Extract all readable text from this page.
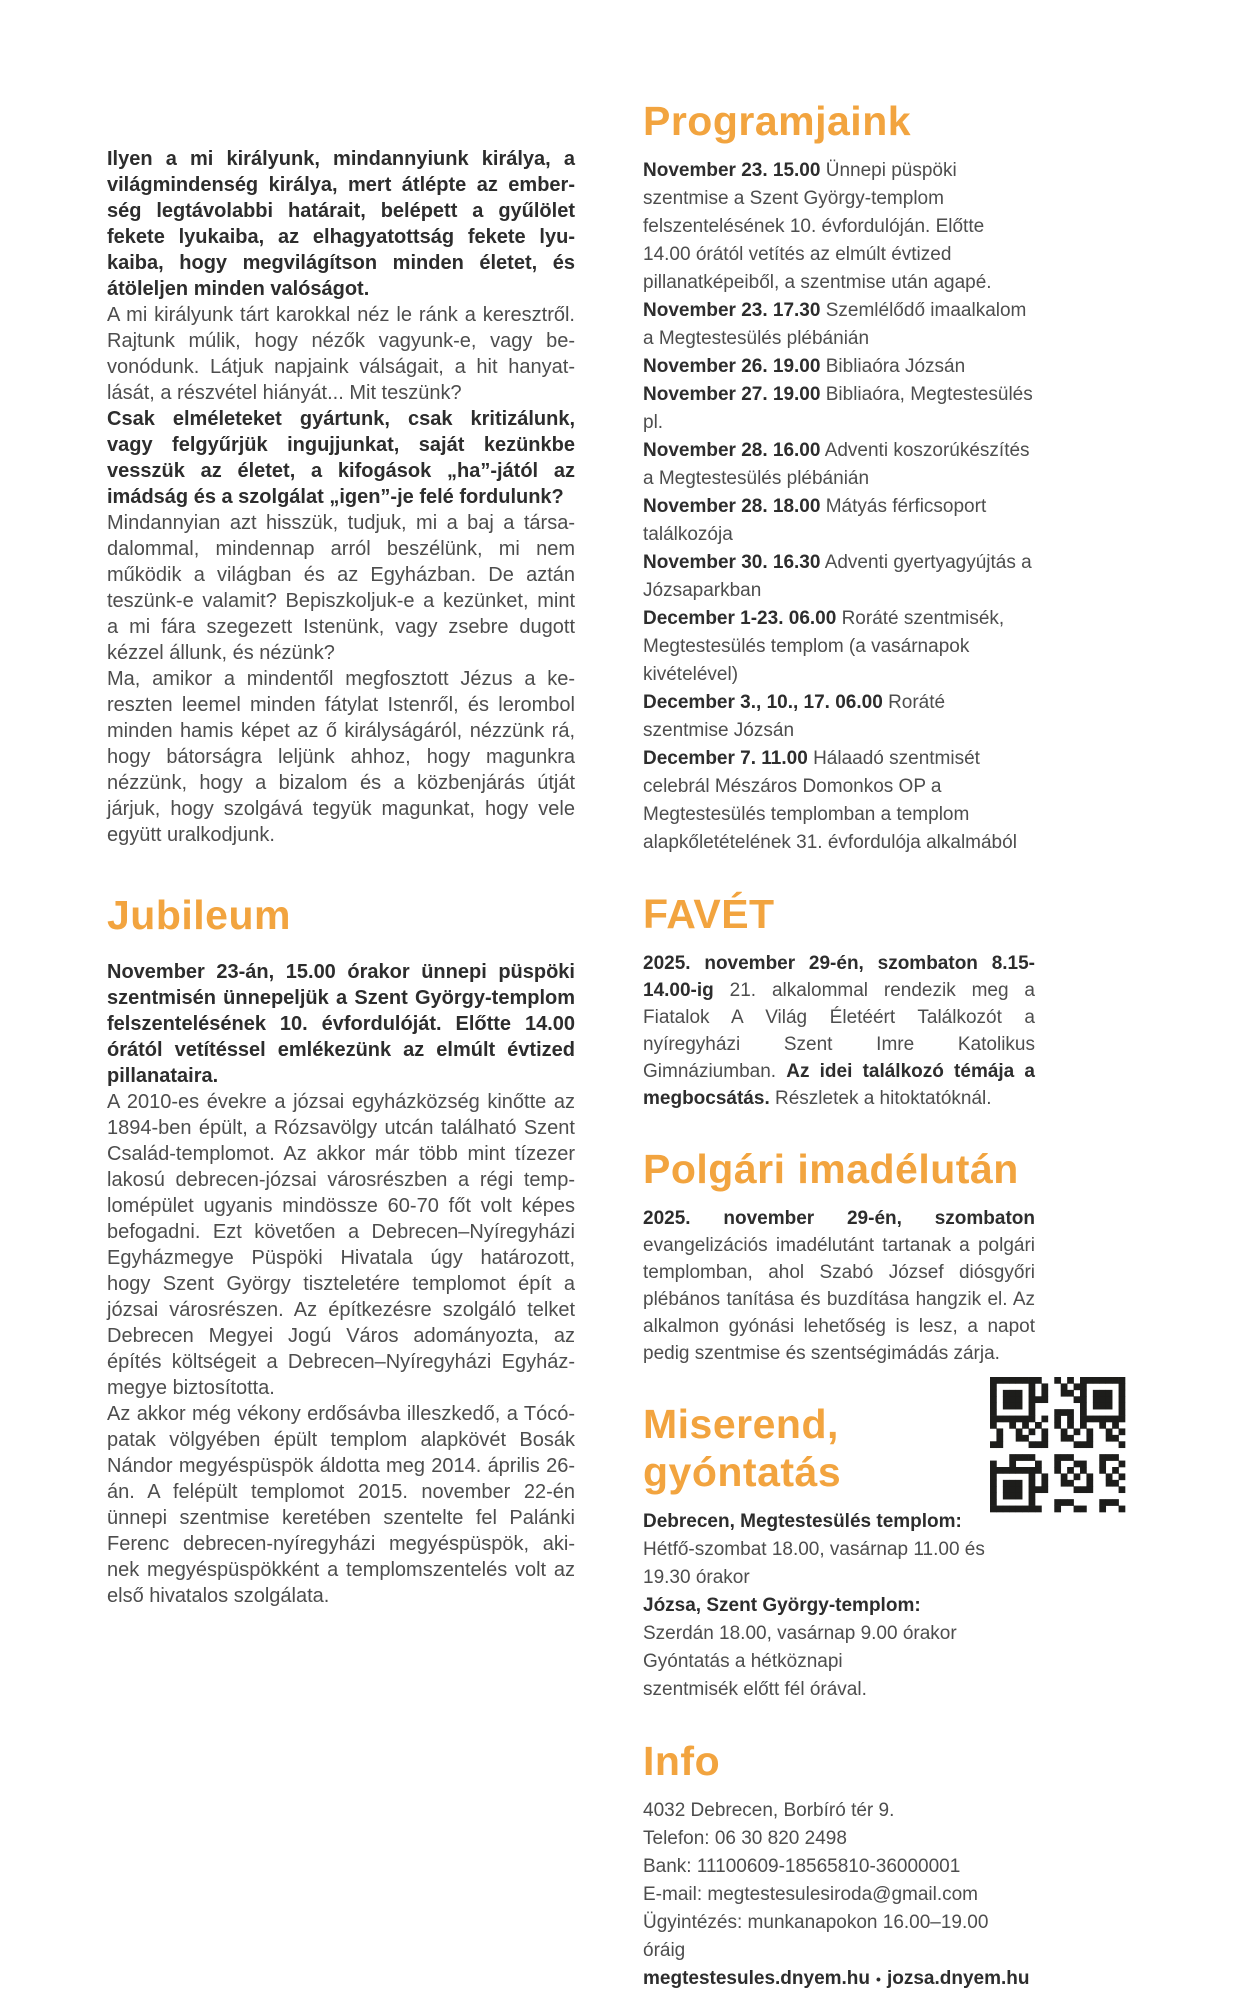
Ilyen a mi királyunk, mindannyiunk királya, a világmindenség királya, mert átlépte az emberség legtávolabbi határait, belépett a gyűlölet fekete lyukaiba, az elhagyatottság fekete lyukaiba, hogy megvilágítson minden életet, és átöleljen minden valóságot.

A mi királyunk tárt karokkal néz le ránk a keresztről. Rajtunk múlik, hogy nézők vagyunk-e, vagy bevonódunk. Látjuk napjaink válságait, a hit hanyatlását, a részvétel hiányát... Mit teszünk?

Csak elméleteket gyártunk, csak kritizálunk, vagy felgyűrjük ingujjunkat, saját kezünkbe vesszük az életet, a kifogások „ha”-jától az imádság és a szolgálat „igen”-je felé fordulunk?

Mindannyian azt hisszük, tudjuk, mi a baj a társadalommal, mindennap arról beszélünk, mi nem működik a világban és az Egyházban. De aztán teszünk-e valamit? Bepiszkoljuk-e a kezünket, mint a mi fára szegezett Istenünk, vagy zsebre dugott kézzel állunk, és nézünk?

Ma, amikor a mindentől megfosztott Jézus a kereszten leemel minden fátylat Istenről, és lerombol minden hamis képet az ő királyságáról, nézzünk rá, hogy bátorságra leljünk ahhoz, hogy magunkra nézzünk, hogy a bizalom és a közbenjárás útját járjuk, hogy szolgává tegyük magunkat, hogy vele együtt uralkodjunk.

Jubileum

November 23-án, 15.00 órakor ünnepi püspöki szentmisén ünnepeljük a Szent György-templom felszentelésének 10. évfordulóját. Előtte 14.00 órától vetítéssel emlékezünk az elmúlt évtized pillanataira.

A 2010-es évekre a józsai egyházközség kinőtte az 1894-ben épült, a Rózsavölgy utcán található Szent Család-templomot. Az akkor már több mint tízezer lakosú debrecen-józsai városrészben a régi templomépület ugyanis mindössze 60-70 főt volt képes befogadni. Ezt követően a Debrecen–Nyíregyházi Egyházmegye Püspöki Hivatala úgy határozott, hogy Szent György tiszteletére templomot épít a józsai városrészen. Az építkezésre szolgáló telket Debrecen Megyei Jogú Város adományozta, az építés költségeit a Debrecen–Nyíregyházi Egyházmegye biztosította.

Az akkor még vékony erdősávba illeszkedő, a Tócópatak völgyében épült templom alapkövét Bosák Nándor megyéspüspök áldotta meg 2014. április 26-án. A felépült templomot 2015. november 22-én ünnepi szentmise keretében szentelte fel Palánki Ferenc debrecen-nyíregyházi megyéspüspök, akinek megyéspüspökként a templomszentelés volt az első hivatalos szolgálata.

Programjaink

November 23. 15.00 Ünnepi püspöki szentmise a Szent György-templom felszentelésének 10. évfordulóján. Előtte 14.00 órától vetítés az elmúlt évtized pillanatképeiből, a szentmise után agapé.

November 23. 17.30 Szemlélődő imaalkalom a Megtestesülés plébánián

November 26. 19.00 Bibliaóra Józsán

November 27. 19.00 Bibliaóra, Megtestesülés pl.

November 28. 16.00 Adventi koszorúkészítés a Megtestesülés plébánián

November 28. 18.00 Mátyás férficsoport találkozója

November 30. 16.30 Adventi gyertyagyújtás a Józsaparkban

December 1-23. 06.00 Roráté szentmisék, Megtestesülés templom (a vasárnapok kivételével)

December 3., 10., 17. 06.00 Roráté szentmise Józsán

December 7. 11.00 Hálaadó szentmisét celebrál Mészáros Domonkos OP a Megtestesülés templomban a templom alapkőletételének 31. évfordulója alkalmából

FAVÉT

2025. november 29-én, szombaton 8.15-14.00-ig 21. alkalommal rendezik meg a Fiatalok A Világ Életéért Találkozót a nyíregyházi Szent Imre Katolikus Gimnáziumban. Az idei találkozó témája a megbocsátás. Részletek a hitoktatóknál.

Polgári imadélután

2025. november 29-én, szombaton evangelizációs imadélutánt tartanak a polgári templomban, ahol Szabó József diósgyőri plébános tanítása és buzdítása hangzik el. Az alkalmon gyónási lehetőség is lesz, a napot pedig szentmise és szentségimádás zárja.

Miserend, gyóntatás

Debrecen, Megtestesülés templom:

Hétfő-szombat 18.00, vasárnap 11.00 és 19.30 órakor

Józsa, Szent György-templom:

Szerdán 18.00, vasárnap 9.00 órakor

Gyóntatás a hétköznapi

szentmisék előtt fél órával.

Info

4032 Debrecen, Borbíró tér 9.

Telefon: 06 30 820 2498

Bank: 11100609-18565810-36000001

E-mail: megtestesulesiroda@gmail.com

Ügyintézés: munkanapokon 16.00–19.00 óráig

megtestesules.dnyem.hu • jozsa.dnyem.hu
